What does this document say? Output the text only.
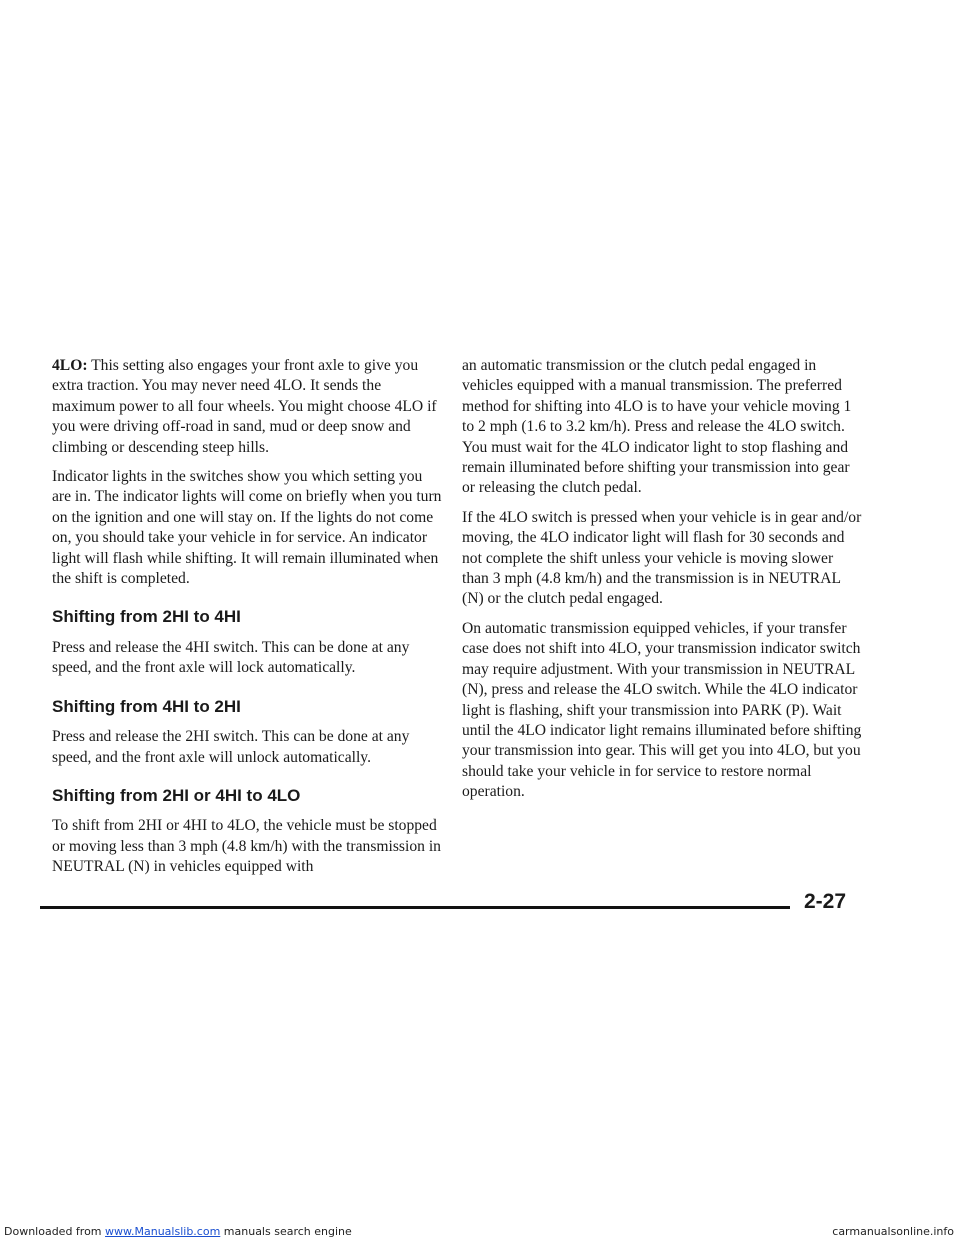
4LO: This setting also engages your front axle to give you extra traction. You may never need 4LO. It sends the maximum power to all four wheels. You might choose 4LO if you were driving off-road in sand, mud or deep snow and climbing or descending steep hills.

Indicator lights in the switches show you which setting you are in. The indicator lights will come on briefly when you turn on the ignition and one will stay on. If the lights do not come on, you should take your vehicle in for service. An indicator light will flash while shifting. It will remain illuminated when the shift is completed.

Shifting from 2HI to 4HI

Press and release the 4HI switch. This can be done at any speed, and the front axle will lock automatically.

Shifting from 4HI to 2HI

Press and release the 2HI switch. This can be done at any speed, and the front axle will unlock automatically.

Shifting from 2HI or 4HI to 4LO

To shift from 2HI or 4HI to 4LO, the vehicle must be stopped or moving less than 3 mph (4.8 km/h) with the transmission in NEUTRAL (N) in vehicles equipped with

an automatic transmission or the clutch pedal engaged in vehicles equipped with a manual transmission. The preferred method for shifting into 4LO is to have your vehicle moving 1 to 2 mph (1.6 to 3.2 km/h). Press and release the 4LO switch. You must wait for the 4LO indicator light to stop flashing and remain illuminated before shifting your transmission into gear or releasing the clutch pedal.

If the 4LO switch is pressed when your vehicle is in gear and/or moving, the 4LO indicator light will flash for 30 seconds and not complete the shift unless your vehicle is moving slower than 3 mph (4.8 km/h) and the transmission is in NEUTRAL (N) or the clutch pedal engaged.

On automatic transmission equipped vehicles, if your transfer case does not shift into 4LO, your transmission indicator switch may require adjustment. With your transmission in NEUTRAL (N), press and release the 4LO switch. While the 4LO indicator light is flashing, shift your transmission into PARK (P). Wait until the 4LO indicator light remains illuminated before shifting your transmission into gear. This will get you into 4LO, but you should take your vehicle in for service to restore normal operation.

2-27
Downloaded from www.Manualslib.com manuals search engine	carmanualsonline.info
